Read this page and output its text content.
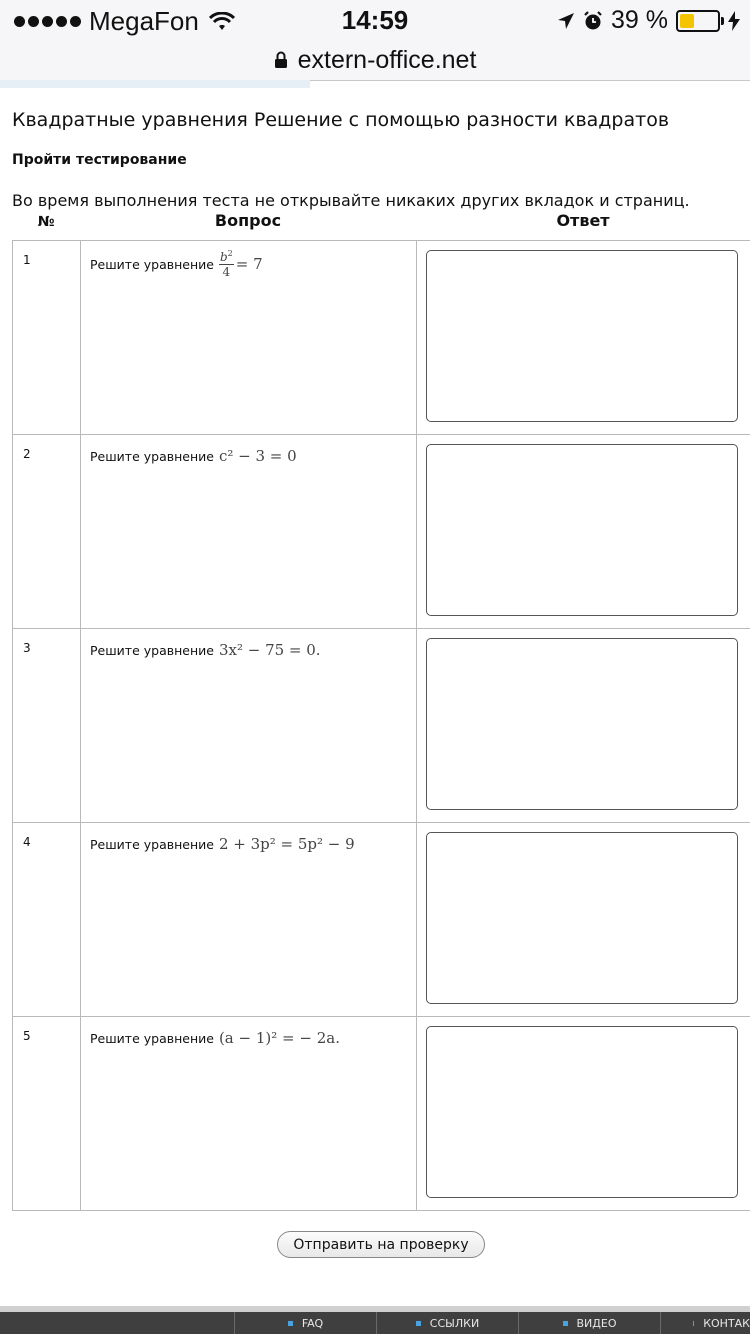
MegaFon	14:59	39 %
extern-office.net
Квадратные уравнения Решение с помощью разности квадратов
Пройти тестирование
Во время выполнения теста не открывайте никаких других вкладок и страниц.
№	Вопрос	Ответ
1	Решите уравнение $\frac{b^2}{4} = 7$

2	Решите уравнение c² − 3 = 0

3	Решите уравнение 3x² − 75 = 0.

4	Решите уравнение 2 + 3p² = 5p² − 9

5	Решите уравнение (a − 1)² = − 2a.

Отправить на проверку
FAQ	ССЫЛКИ	ВИДЕО	КОНТАК
